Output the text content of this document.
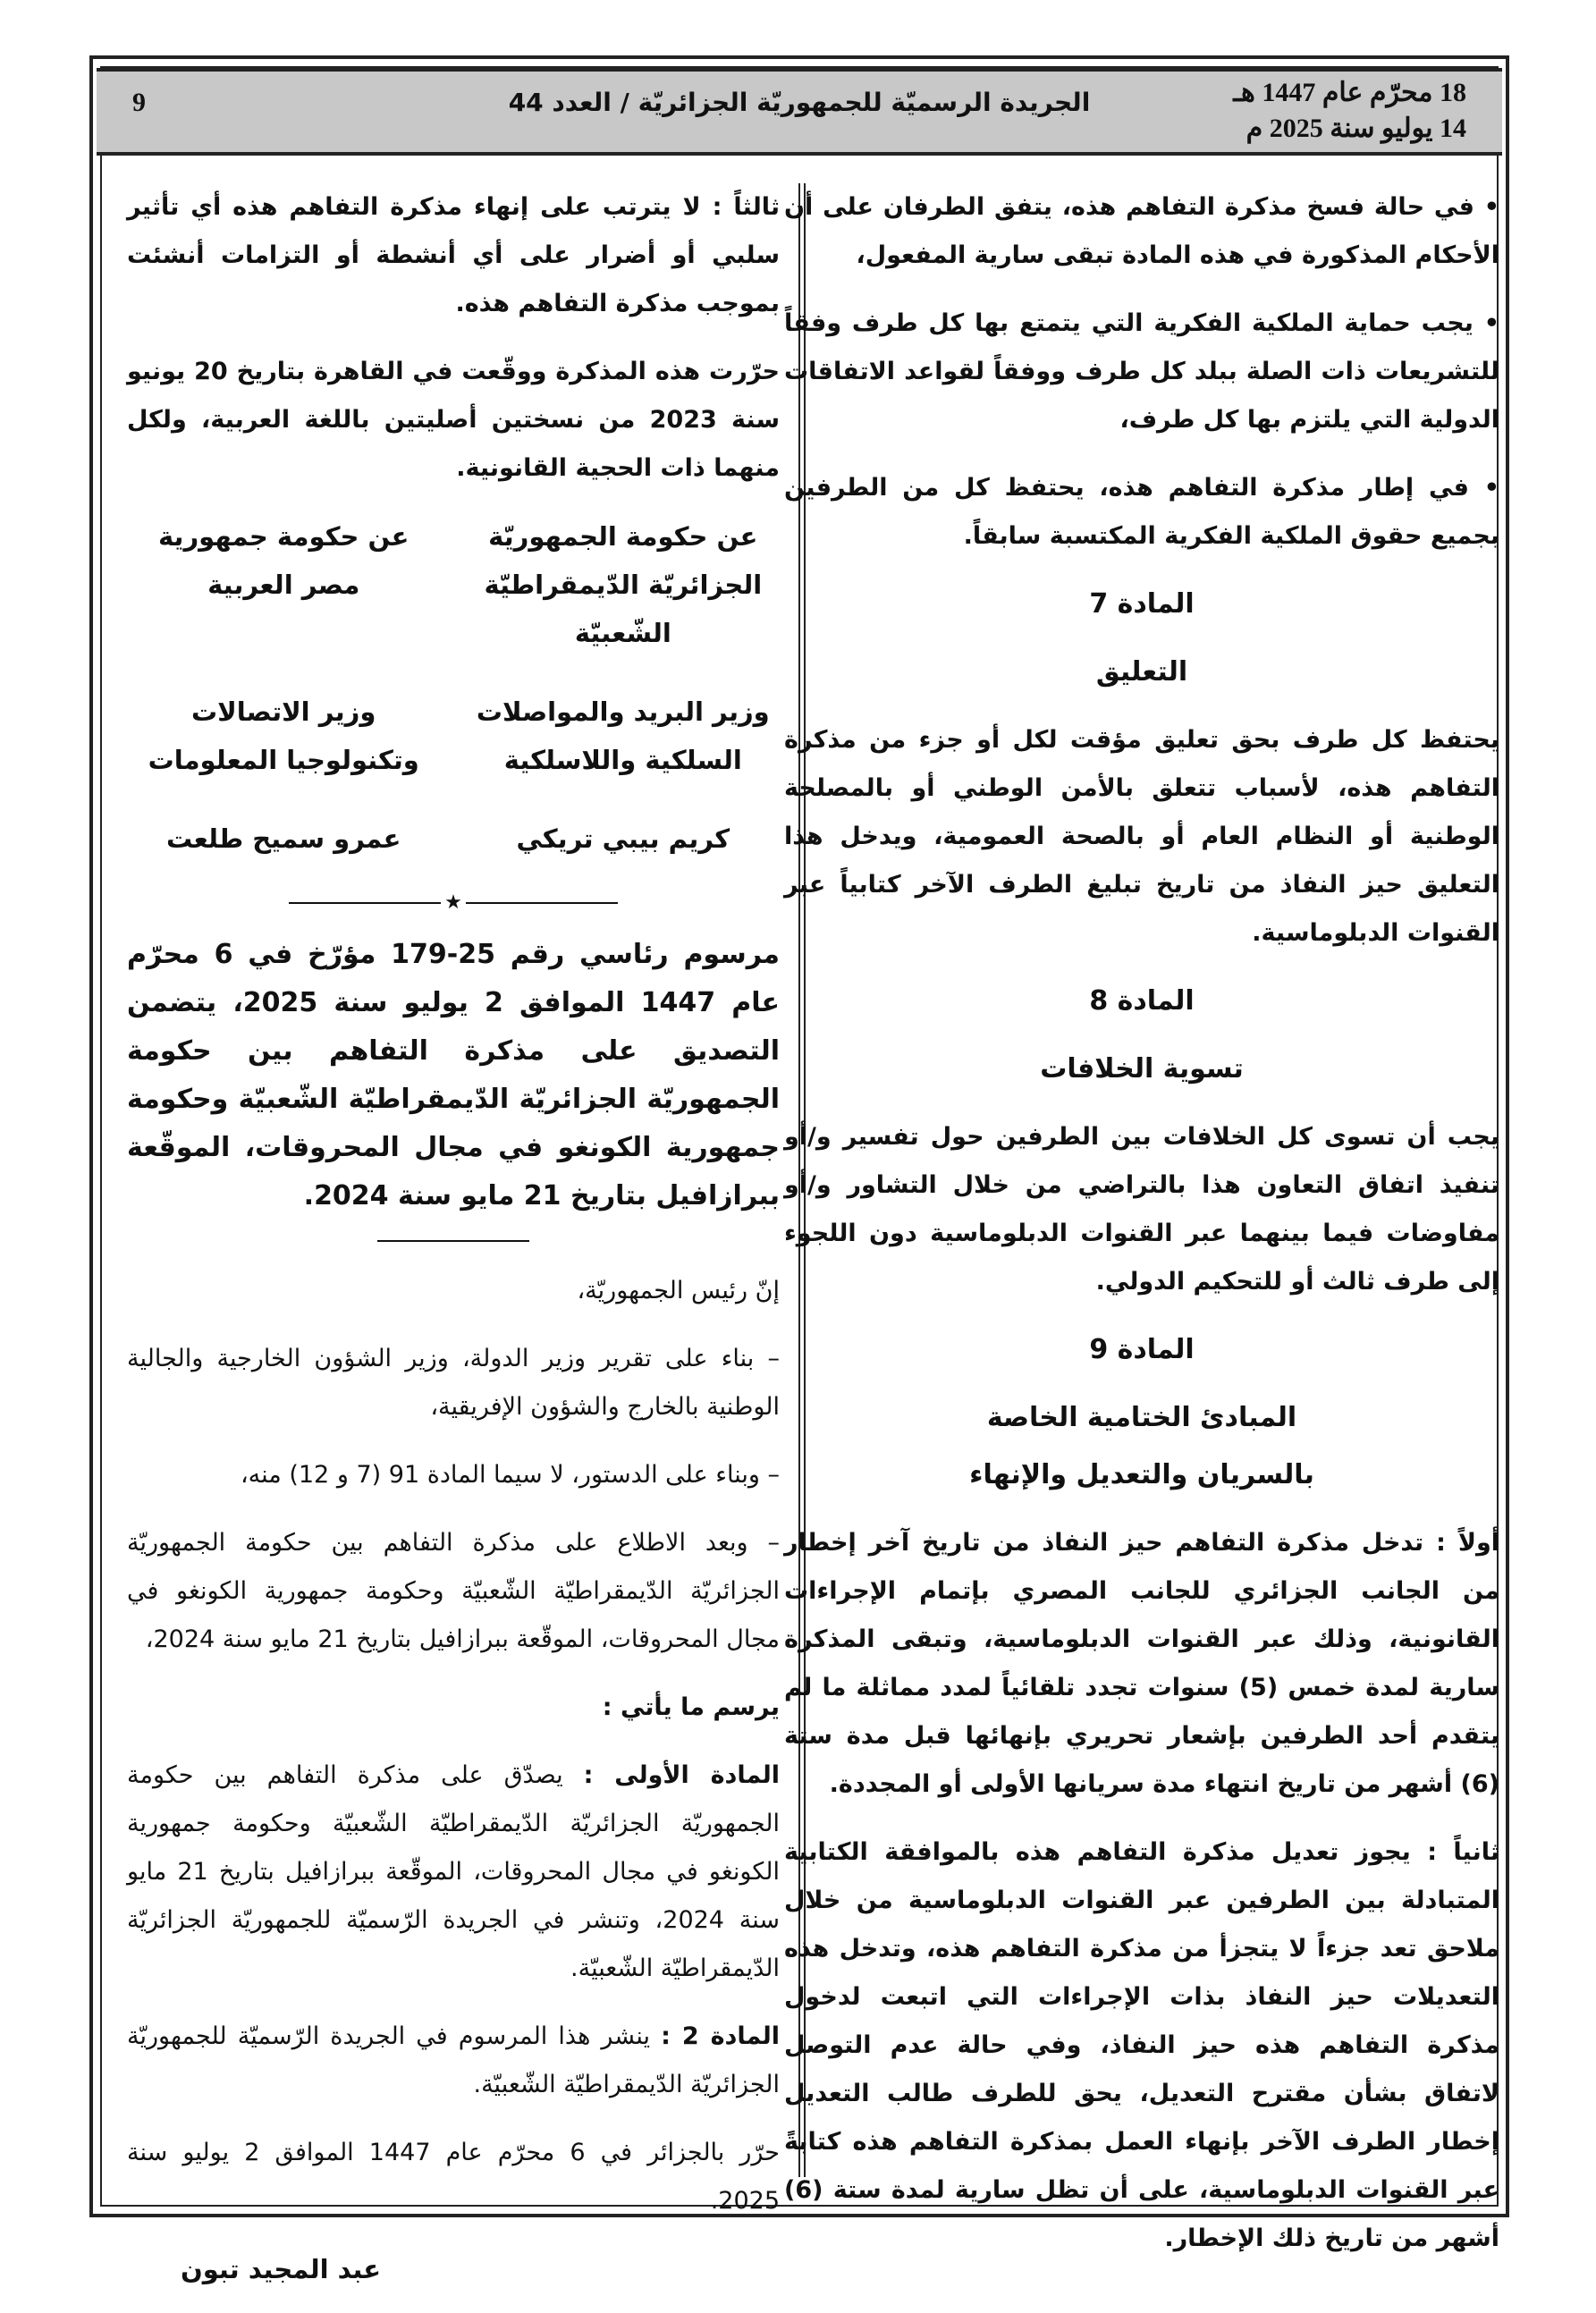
18 محرّم عام 1447 هـ
14 يوليو سنة 2025 م
الجريدة الرسميّة للجمهوريّة الجزائريّة / العدد 44
9

• في حالة فسخ مذكرة التفاهم هذه، يتفق الطرفان على أن الأحكام المذكورة في هذه المادة تبقى سارية المفعول،

• يجب حماية الملكية الفكرية التي يتمتع بها كل طرف وفقاً للتشريعات ذات الصلة ببلد كل طرف ووفقاً لقواعد الاتفاقات الدولية التي يلتزم بها كل طرف،

• في إطار مذكرة التفاهم هذه، يحتفظ كل من الطرفين بجميع حقوق الملكية الفكرية المكتسبة سابقاً.

المادة 7
التعليق

يحتفظ كل طرف بحق تعليق مؤقت لكل أو جزء من مذكرة التفاهم هذه، لأسباب تتعلق بالأمن الوطني أو بالمصلحة الوطنية أو النظام العام أو بالصحة العمومية، ويدخل هذا التعليق حيز النفاذ من تاريخ تبليغ الطرف الآخر كتابياً عبر القنوات الدبلوماسية.

المادة 8
تسوية الخلافات

يجب أن تسوى كل الخلافات بين الطرفين حول تفسير و/أو تنفيذ اتفاق التعاون هذا بالتراضي من خلال التشاور و/أو مفاوضات فيما بينهما عبر القنوات الدبلوماسية دون اللجوء إلى طرف ثالث أو للتحكيم الدولي.

المادة 9
المبادئ الختامية الخاصة
بالسريان والتعديل والإنهاء

أولاً : تدخل مذكرة التفاهم حيز النفاذ من تاريخ آخر إخطار من الجانب الجزائري للجانب المصري بإتمام الإجراءات القانونية، وذلك عبر القنوات الدبلوماسية، وتبقى المذكرة سارية لمدة خمس (5) سنوات تجدد تلقائياً لمدد مماثلة ما لم يتقدم أحد الطرفين بإشعار تحريري بإنهائها قبل مدة ستة (6) أشهر من تاريخ انتهاء مدة سريانها الأولى أو المجددة.

ثانياً : يجوز تعديل مذكرة التفاهم هذه بالموافقة الكتابية المتبادلة بين الطرفين عبر القنوات الدبلوماسية من خلال ملاحق تعد جزءاً لا يتجزأ من مذكرة التفاهم هذه، وتدخل هذه التعديلات حيز النفاذ بذات الإجراءات التي اتبعت لدخول مذكرة التفاهم هذه حيز النفاذ، وفي حالة عدم التوصل لاتفاق بشأن مقترح التعديل، يحق للطرف طالب التعديل إخطار الطرف الآخر بإنهاء العمل بمذكرة التفاهم هذه كتابةً عبر القنوات الدبلوماسية، على أن تظل سارية لمدة ستة (6) أشهر من تاريخ ذلك الإخطار.

ثالثاً : لا يترتب على إنهاء مذكرة التفاهم هذه أي تأثير سلبي أو أضرار على أي أنشطة أو التزامات أنشئت بموجب مذكرة التفاهم هذه.

حرّرت هذه المذكرة ووقّعت في القاهرة بتاريخ 20 يونيو سنة 2023 من نسختين أصليتين باللغة العربية، ولكل منهما ذات الحجية القانونية.

عن حكومة الجمهوريّة الجزائريّة الدّيمقراطيّة الشّعبيّة
عن حكومة جمهورية مصر العربية
وزير البريد والمواصلات السلكية واللاسلكية
وزير الاتصالات وتكنولوجيا المعلومات
كريم بيبي تريكي
عمرو سميح طلعت
★

مرسوم رئاسي رقم 25-179 مؤرّخ في 6 محرّم عام 1447 الموافق 2 يوليو سنة 2025، يتضمن التصديق على مذكرة التفاهم بين حكومة الجمهوريّة الجزائريّة الدّيمقراطيّة الشّعبيّة وحكومة جمهورية الكونغو في مجال المحروقات، الموقّعة ببرازافيل بتاريخ 21 مايو سنة 2024.

إنّ رئيس الجمهوريّة،

– بناء على تقرير وزير الدولة، وزير الشؤون الخارجية والجالية الوطنية بالخارج والشؤون الإفريقية،

– وبناء على الدستور، لا سيما المادة 91 (7 و 12) منه،

– وبعد الاطلاع على مذكرة التفاهم بين حكومة الجمهوريّة الجزائريّة الدّيمقراطيّة الشّعبيّة وحكومة جمهورية الكونغو في مجال المحروقات، الموقّعة ببرازافيل بتاريخ 21 مايو سنة 2024،

يرسم ما يأتي :

المادة الأولى : يصدّق على مذكرة التفاهم بين حكومة الجمهوريّة الجزائريّة الدّيمقراطيّة الشّعبيّة وحكومة جمهورية الكونغو في مجال المحروقات، الموقّعة ببرازافيل بتاريخ 21 مايو سنة 2024، وتنشر في الجريدة الرّسميّة للجمهوريّة الجزائريّة الدّيمقراطيّة الشّعبيّة.

المادة 2 : ينشر هذا المرسوم في الجريدة الرّسميّة للجمهوريّة الجزائريّة الدّيمقراطيّة الشّعبيّة.

حرّر بالجزائر في 6 محرّم عام 1447 الموافق 2 يوليو سنة 2025.

عبد المجيد تبون
